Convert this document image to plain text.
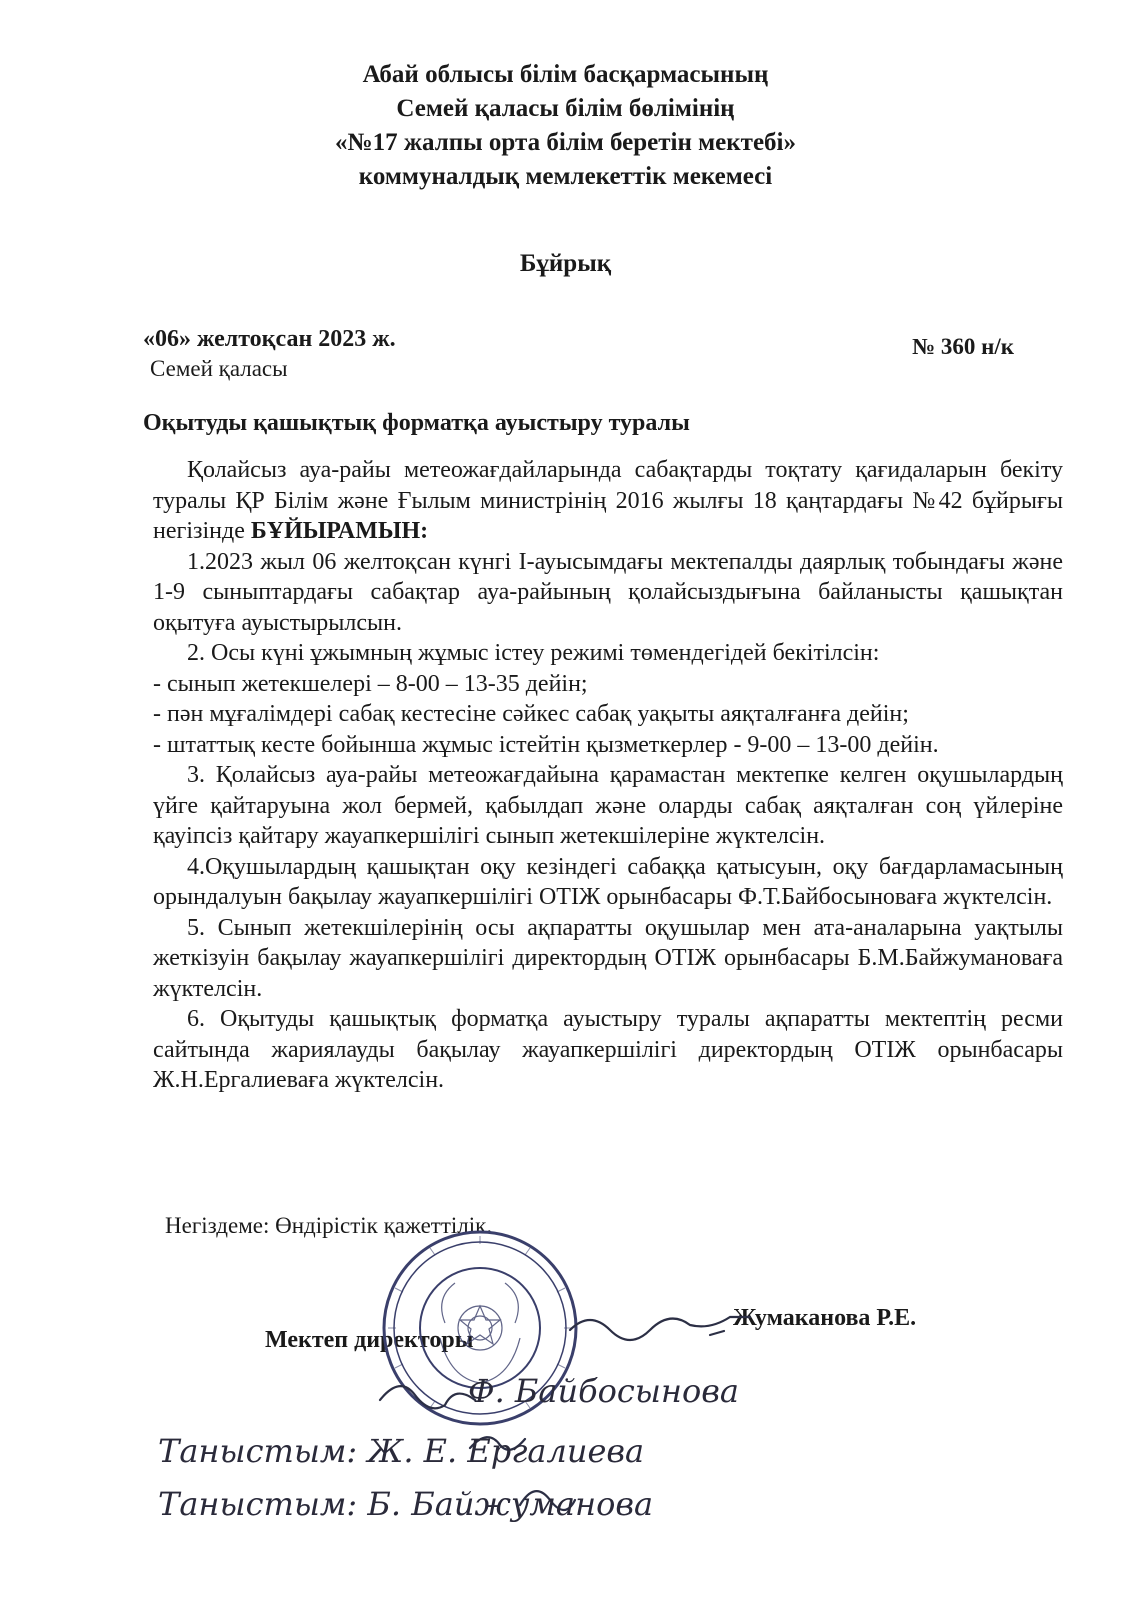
Абай облысы білім басқармасының
Семей қаласы білім бөлімінің
«№17 жалпы орта білім беретін мектебі»
коммуналдық мемлекеттік мекемесі
Бұйрық
«06» желтоқсан 2023 ж.
Семей қаласы
№ 360 н/к
Оқытуды қашықтық форматқа ауыстыру туралы

Қолайсыз ауа-райы метеожағдайларында сабақтарды тоқтату қағидаларын бекіту туралы ҚР Білім және Ғылым министрінің 2016 жылғы 18 қаңтардағы №42 бұйрығы негізінде БҰЙЫРАМЫН:

1.2023 жыл 06 желтоқсан күнгі І-ауысымдағы мектепалды даярлық тобындағы және 1-9 сыныптардағы сабақтар ауа-райының қолайсыздығына байланысты қашықтан оқытуға ауыстырылсын.

2. Осы күні ұжымның жұмыс істеу режимі төмендегідей бекітілсін:

- сынып жетекшелері – 8-00 – 13-35 дейін;

- пән мұғалімдері сабақ кестесіне сәйкес сабақ уақыты аяқталғанға дейін;

- штаттық кесте бойынша жұмыс істейтін қызметкерлер - 9-00 – 13-00 дейін.

3. Қолайсыз ауа-райы метеожағдайына қарамастан мектепке келген оқушылардың үйге қайтаруына жол бермей, қабылдап және оларды сабақ аяқталған соң үйлеріне қауіпсіз қайтару жауапкершілігі сынып жетекшілеріне жүктелсін.

4.Оқушылардың қашықтан оқу кезіндегі сабаққа қатысуын, оқу бағдарламасының орындалуын бақылау жауапкершілігі ОТІЖ орынбасары Ф.Т.Байбосыноваға жүктелсін.

5. Сынып жетекшілерінің осы ақпаратты оқушылар мен ата-аналарына уақтылы жеткізуін бақылау жауапкершілігі директордың ОТІЖ орынбасары Б.М.Байжумановаға жүктелсін.

6. Оқытуды қашықтық форматқа ауыстыру туралы ақпаратты мектептің ресми сайтында жариялауды бақылау жауапкершілігі директордың ОТІЖ орынбасары Ж.Н.Ергалиеваға жүктелсін.

Негіздеме: Өндірістік қажеттілік.
Мектеп директоры
Жумаканова Р.Е.
Ф. Байбосынова
Таныстым: Ж. Е. Ергалиева
Таныстым: Б. Байжуманова
